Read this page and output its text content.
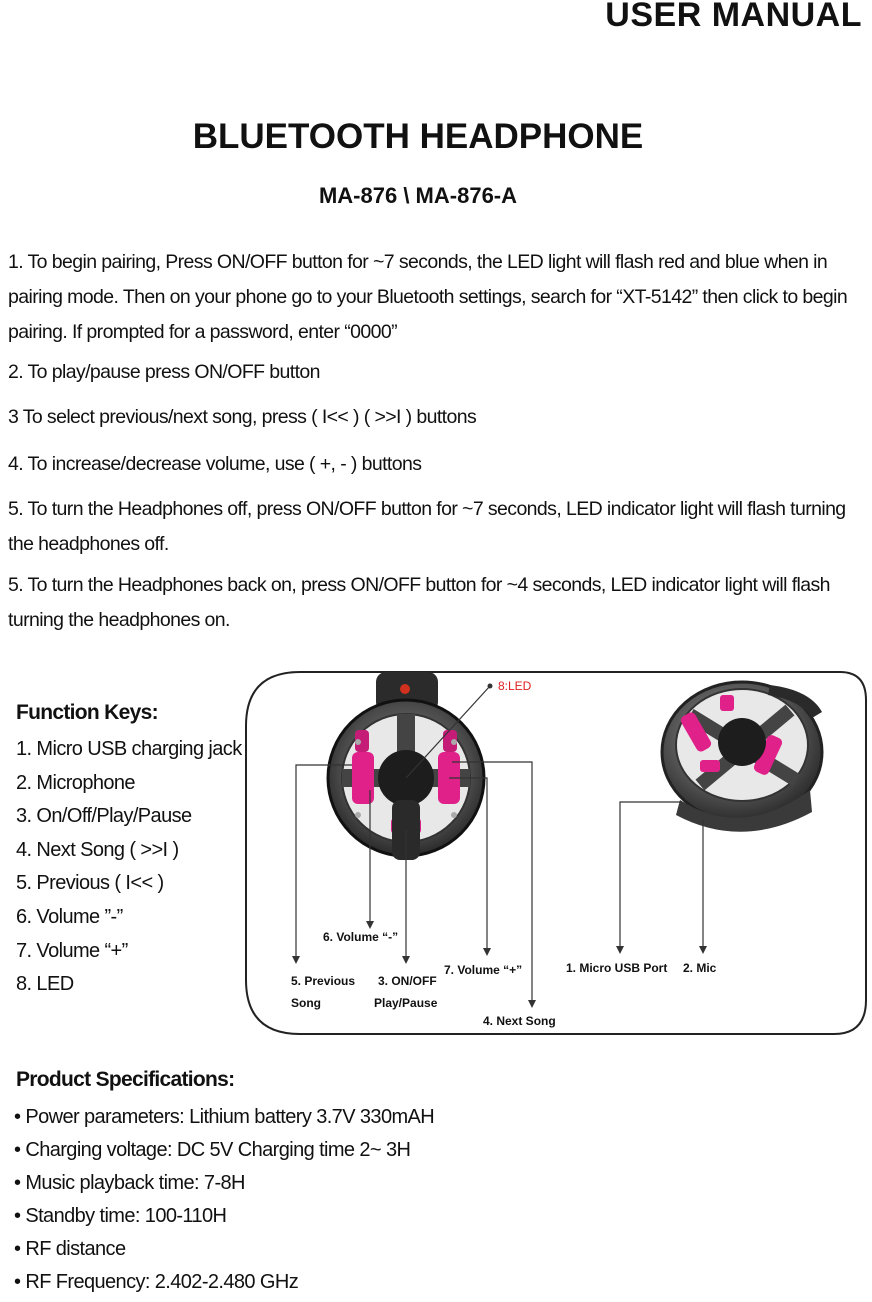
USER MANUAL
BLUETOOTH HEADPHONE
MA-876 \ MA-876-A
1. To begin pairing, Press ON/OFF button for ~7 seconds, the LED light will flash red and blue when in pairing mode. Then on your phone go to your Bluetooth settings, search for “XT-5142” then click to begin pairing. If prompted for a password, enter “0000”
2. To play/pause press ON/OFF button
3 To select previous/next song, press ( I<< ) ( >>I ) buttons
4. To increase/decrease volume, use ( +, - ) buttons
5. To turn the Headphones off, press ON/OFF button for ~7 seconds, LED indicator light will flash turning the headphones off.
5. To turn the Headphones back on, press ON/OFF button for ~4 seconds, LED indicator light will flash turning the headphones on.
Function Keys:
1. Micro USB charging jack
2. Microphone
3. On/Off/Play/Pause
4. Next Song ( >>I )
5. Previous ( I<< )
6. Volume ”-”
7. Volume “+”
8. LED
8:LED
6. Volume “-”
5. Previous
Song
3. ON/OFF
Play/Pause
7. Volume “+”
4. Next Song
1. Micro USB Port 2. Mic
Product Specifications:
• Power parameters: Lithium battery 3.7V 330mAH
• Charging voltage: DC 5V Charging time 2~ 3H
• Music playback time: 7-8H
• Standby time: 100-110H
• RF distance
• RF Frequency: 2.402-2.480 GHz
